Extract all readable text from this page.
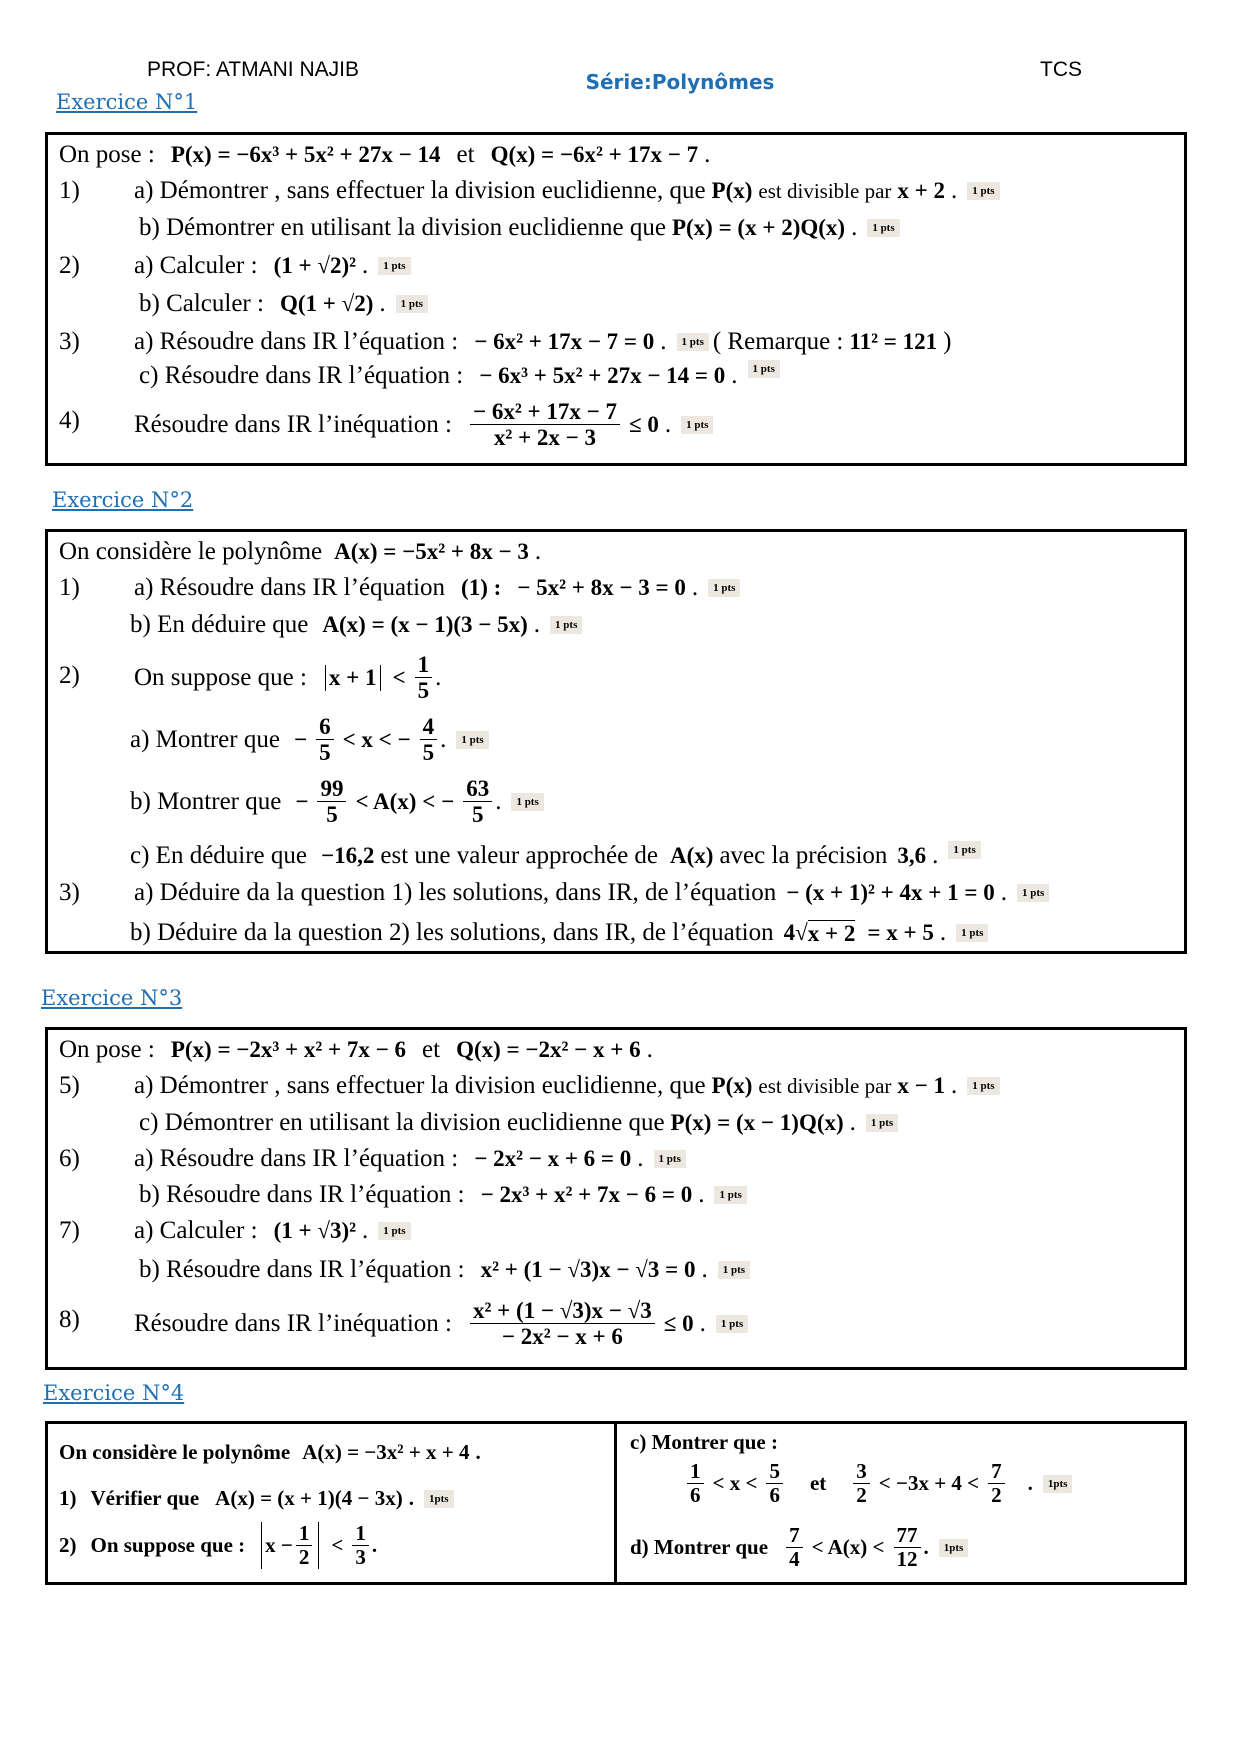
PROF: ATMANI NAJIB	TCS
Série:Polynômes
Exercice N°1
On pose : P(x) = −6x³ + 5x² + 27x − 14 et Q(x) = −6x² + 17x − 7 .
1) a) Démontrer , sans effectuer la division euclidienne, que P(x) est divisible par x + 2 .	1 pts
b) Démontrer en utilisant la division euclidienne que P(x) = (x + 2)Q(x) .	1 pts
2) a) Calculer : (1 + √2)² .	1 pts
b) Calculer : Q(1 + √2) .	1 pts
3) a) Résoudre dans IR l’équation : − 6x² + 17x − 7 = 0 .	1 pts ( Remarque : 11² = 121 )
c) Résoudre dans IR l’équation : − 6x³ + 5x² + 27x − 14 = 0 .	1 pts
4) Résoudre dans IR l’inéquation : $\frac{\text{− 6x² + 17x − 7}}{\text{x² + 2x − 3}} \le 0$ .	1 pts
Exercice N°2
On considère le polynôme A(x) = −5x² + 8x − 3 .
1) a) Résoudre dans IR l’équation (1) : − 5x² + 8x − 3 = 0 .	1 pts
b) En déduire que A(x) = (x − 1)(3 − 5x) .	1 pts
2) On suppose que : $x + 1 < \frac{1}{5}$ .
a) Montrer que − $\frac{6}{5} < x$ < − $\frac{4}{5}$ .	1 pts
b) Montrer que − $\frac{99}{5} < A(x)$ < − $\frac{63}{5}$ .	1 pts
c) En déduire que −16,2 est une valeur approchée de A(x) avec la précision 3,6 .	1 pts
3) a) Déduire da la question 1) les solutions, dans IR, de l’équation − (x + 1)² + 4x + 1 = 0 .	1 pts
b) Déduire da la question 2) les solutions, dans IR, de l’équation 4 √ x + 2 = x + 5 .	1 pts
Exercice N°3
On pose : P(x) = −2x³ + x² + 7x − 6 et Q(x) = −2x² − x + 6 .
5) a) Démontrer , sans effectuer la division euclidienne, que P(x) est divisible par x − 1 .	1 pts
c) Démontrer en utilisant la division euclidienne que P(x) = (x − 1)Q(x) .	1 pts
6) a) Résoudre dans IR l’équation : − 2x² − x + 6 = 0 .	1 pts
b) Résoudre dans IR l’équation : − 2x³ + x² + 7x − 6 = 0 .	1 pts
7) a) Calculer : (1 + √3)² .	1 pts
b) Résoudre dans IR l’équation : x² + (1 − √3)x − √3 = 0 .	1 pts
8) Résoudre dans IR l’inéquation : $\frac{\text{x² + (1 − √3)x − √3}}{\text{− 2x² − x + 6}} \le 0$ .	1 pts
Exercice N°4
On considère le polynôme A(x) = −3x² + x + 4 .
1) Vérifier que A(x) = (x + 1)(4 − 3x) .	1pts
2) On suppose que : $x - \frac{1}{2} < \frac{1}{3}$ .
c) Montrer que :
$\frac{1}{6} < x < \frac{5}{6}$ et $\frac{3}{2} < -3x + 4 < \frac{7}{2}$ .	1pts
d) Montrer que $\frac{7}{4} < A(x) < \frac{77}{12}$ .	1pts
